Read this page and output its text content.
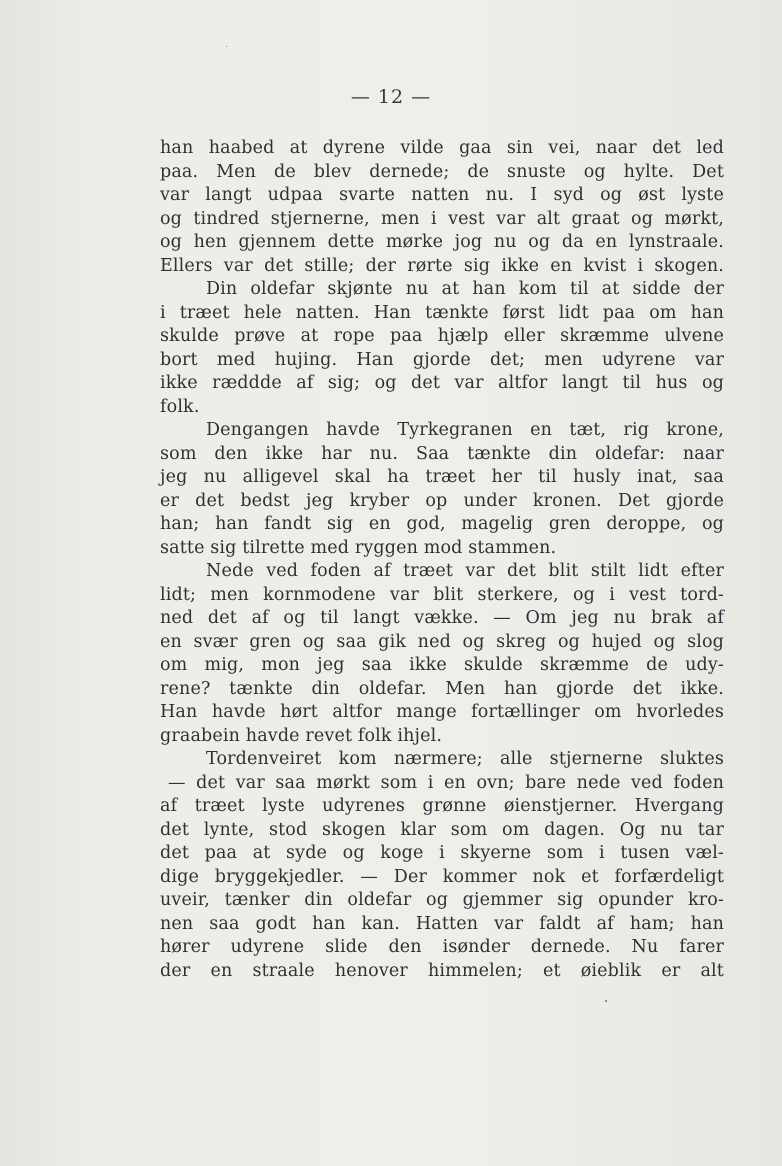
— 12 —
han haabed at dyrene vilde gaa sin vei, naar det led
paa. Men de blev dernede; de snuste og hylte. Det
var langt udpaa svarte natten nu. I syd og øst lyste
og tindred stjernerne, men i vest var alt graat og mørkt,
og hen gjennem dette mørke jog nu og da en lynstraale.
Ellers var det stille; der rørte sig ikke en kvist i skogen.
Din oldefar skjønte nu at han kom til at sidde der
i træet hele natten. Han tænkte først lidt paa om han
skulde prøve at rope paa hjælp eller skræmme ulvene
bort med hujing. Han gjorde det; men udyrene var
ikke ræddde af sig; og det var altfor langt til hus og
folk.
Dengangen havde Tyrkegranen en tæt, rig krone,
som den ikke har nu. Saa tænkte din oldefar: naar
jeg nu alligevel skal ha træet her til husly inat, saa
er det bedst jeg kryber op under kronen. Det gjorde
han; han fandt sig en god, magelig gren deroppe, og
satte sig tilrette med ryggen mod stammen.
Nede ved foden af træet var det blit stilt lidt efter
lidt; men kornmodene var blit sterkere, og i vest tord-
ned det af og til langt vække. — Om jeg nu brak af
en svær gren og saa gik ned og skreg og hujed og slog
om mig, mon jeg saa ikke skulde skræmme de udy-
rene? tænkte din oldefar. Men han gjorde det ikke.
Han havde hørt altfor mange fortællinger om hvorledes
graabein havde revet folk ihjel.
Tordenveiret kom nærmere; alle stjernerne sluktes
— det var saa mørkt som i en ovn; bare nede ved foden
af træet lyste udyrenes grønne øienstjerner. Hvergang
det lynte, stod skogen klar som om dagen. Og nu tar
det paa at syde og koge i skyerne som i tusen væl-
dige bryggekjedler. — Der kommer nok et forfærdeligt
uveir, tænker din oldefar og gjemmer sig opunder kro-
nen saa godt han kan. Hatten var faldt af ham; han
hører udyrene slide den isønder dernede. Nu farer
der en straale henover himmelen; et øieblik er alt
